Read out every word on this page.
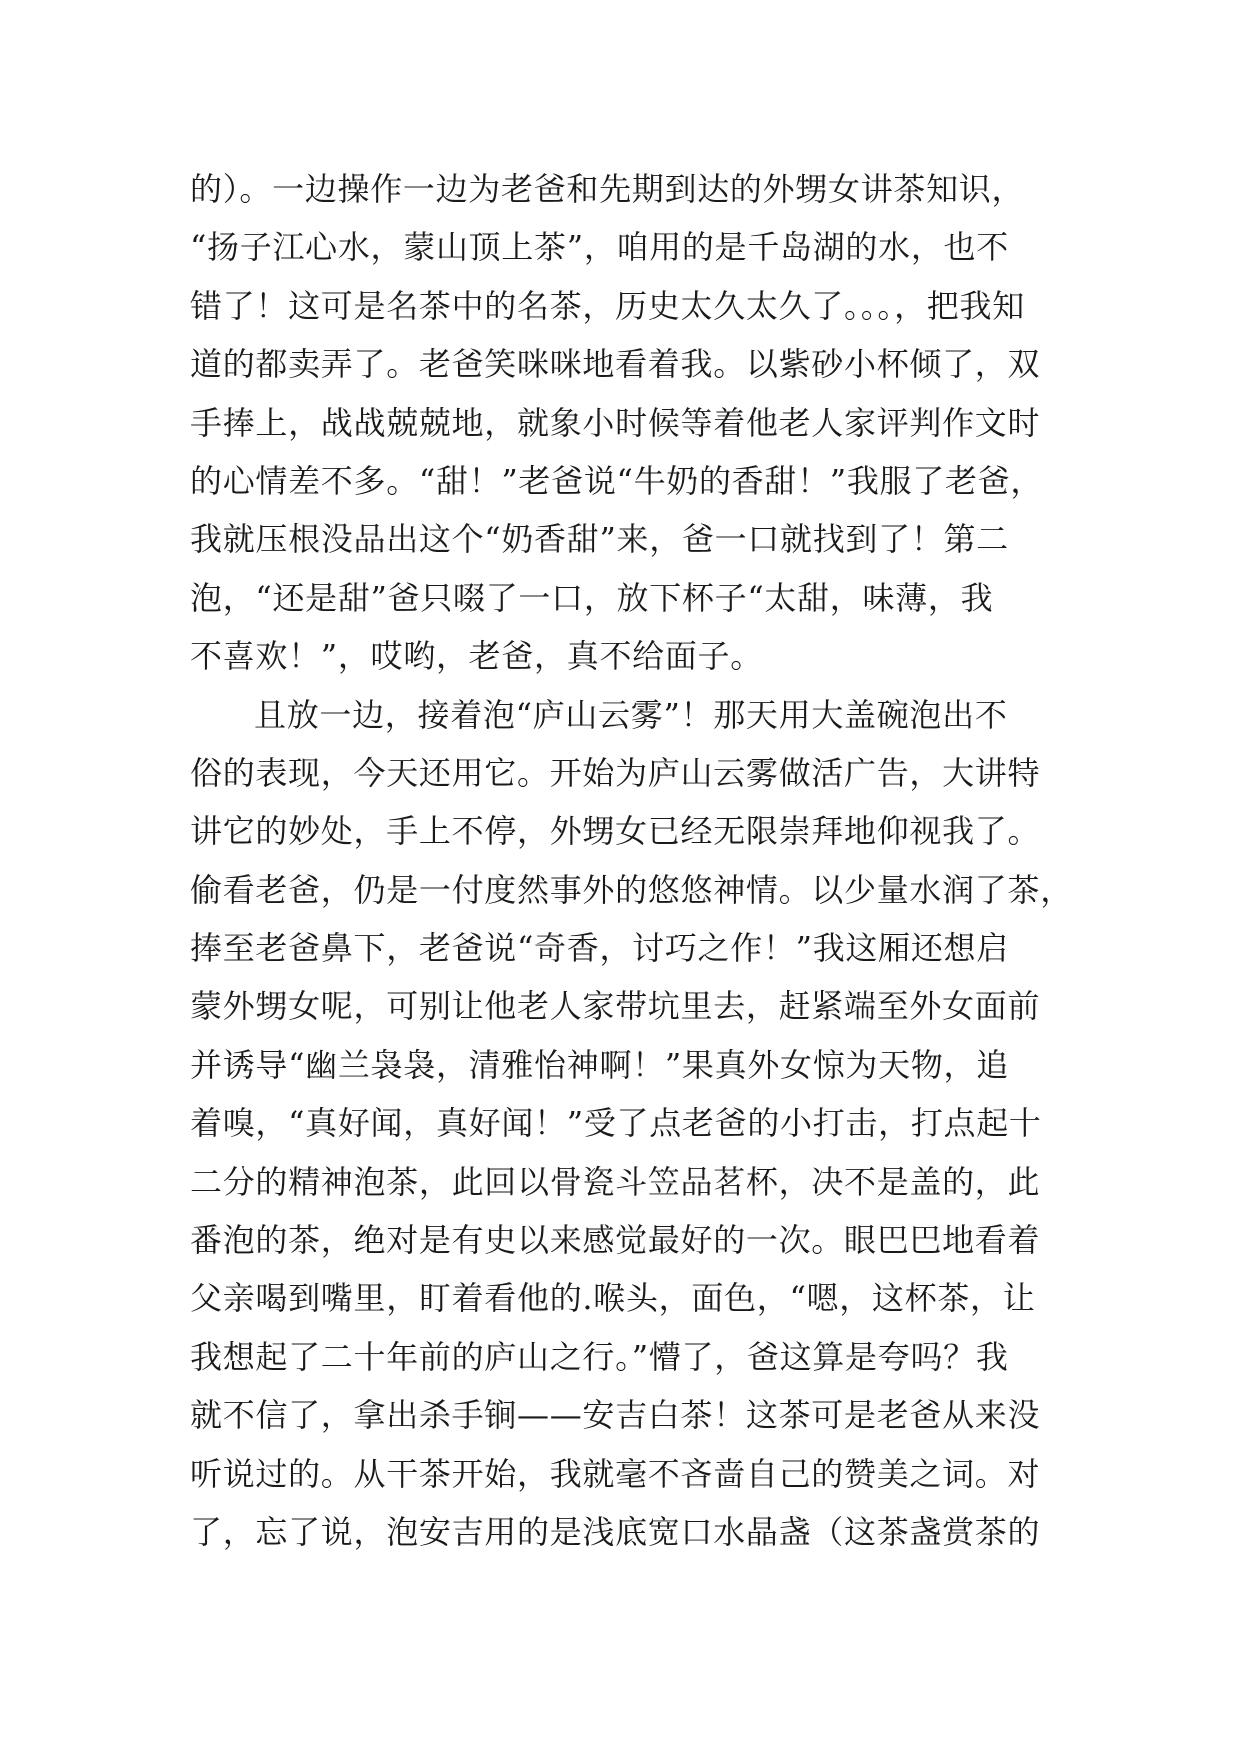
的）。一边操作一边为老爸和先期到达的外甥女讲茶知识，
“扬子江心水，蒙山顶上茶”，咱用的是千岛湖的水，也不
错了！这可是名茶中的名茶，历史太久太久了。。。，把我知
道的都卖弄了。老爸笑咪咪地看着我。以紫砂小杯倾了，双
手捧上，战战兢兢地，就象小时候等着他老人家评判作文时
的心情差不多。“甜！”老爸说“牛奶的香甜！”我服了老爸，
我就压根没品出这个“奶香甜”来，爸一口就找到了！第二
泡，“还是甜”爸只啜了一口，放下杯子“太甜，味薄，我
不喜欢！”，哎哟，老爸，真不给面子。
且放一边，接着泡“庐山云雾”！那天用大盖碗泡出不
俗的表现，今天还用它。开始为庐山云雾做活广告，大讲特
讲它的妙处，手上不停，外甥女已经无限崇拜地仰视我了。
偷看老爸，仍是一付度然事外的悠悠神情。以少量水润了茶，
捧至老爸鼻下，老爸说“奇香，讨巧之作！”我这厢还想启
蒙外甥女呢，可别让他老人家带坑里去，赶紧端至外女面前
并诱导“幽兰袅袅，清雅怡神啊！”果真外女惊为天物，追
着嗅，“真好闻，真好闻！”受了点老爸的小打击，打点起十
二分的精神泡茶，此回以骨瓷斗笠品茗杯，决不是盖的，此
番泡的茶，绝对是有史以来感觉最好的一次。眼巴巴地看着
父亲喝到嘴里，盯着看他的.喉头，面色，“嗯，这杯茶，让
我想起了二十年前的庐山之行。”懵了，爸这算是夸吗？我
就不信了，拿出杀手锏——安吉白茶！这茶可是老爸从来没
听说过的。从干茶开始，我就毫不吝啬自己的赞美之词。对
了，忘了说，泡安吉用的是浅底宽口水晶盏（这茶盏赏茶的
